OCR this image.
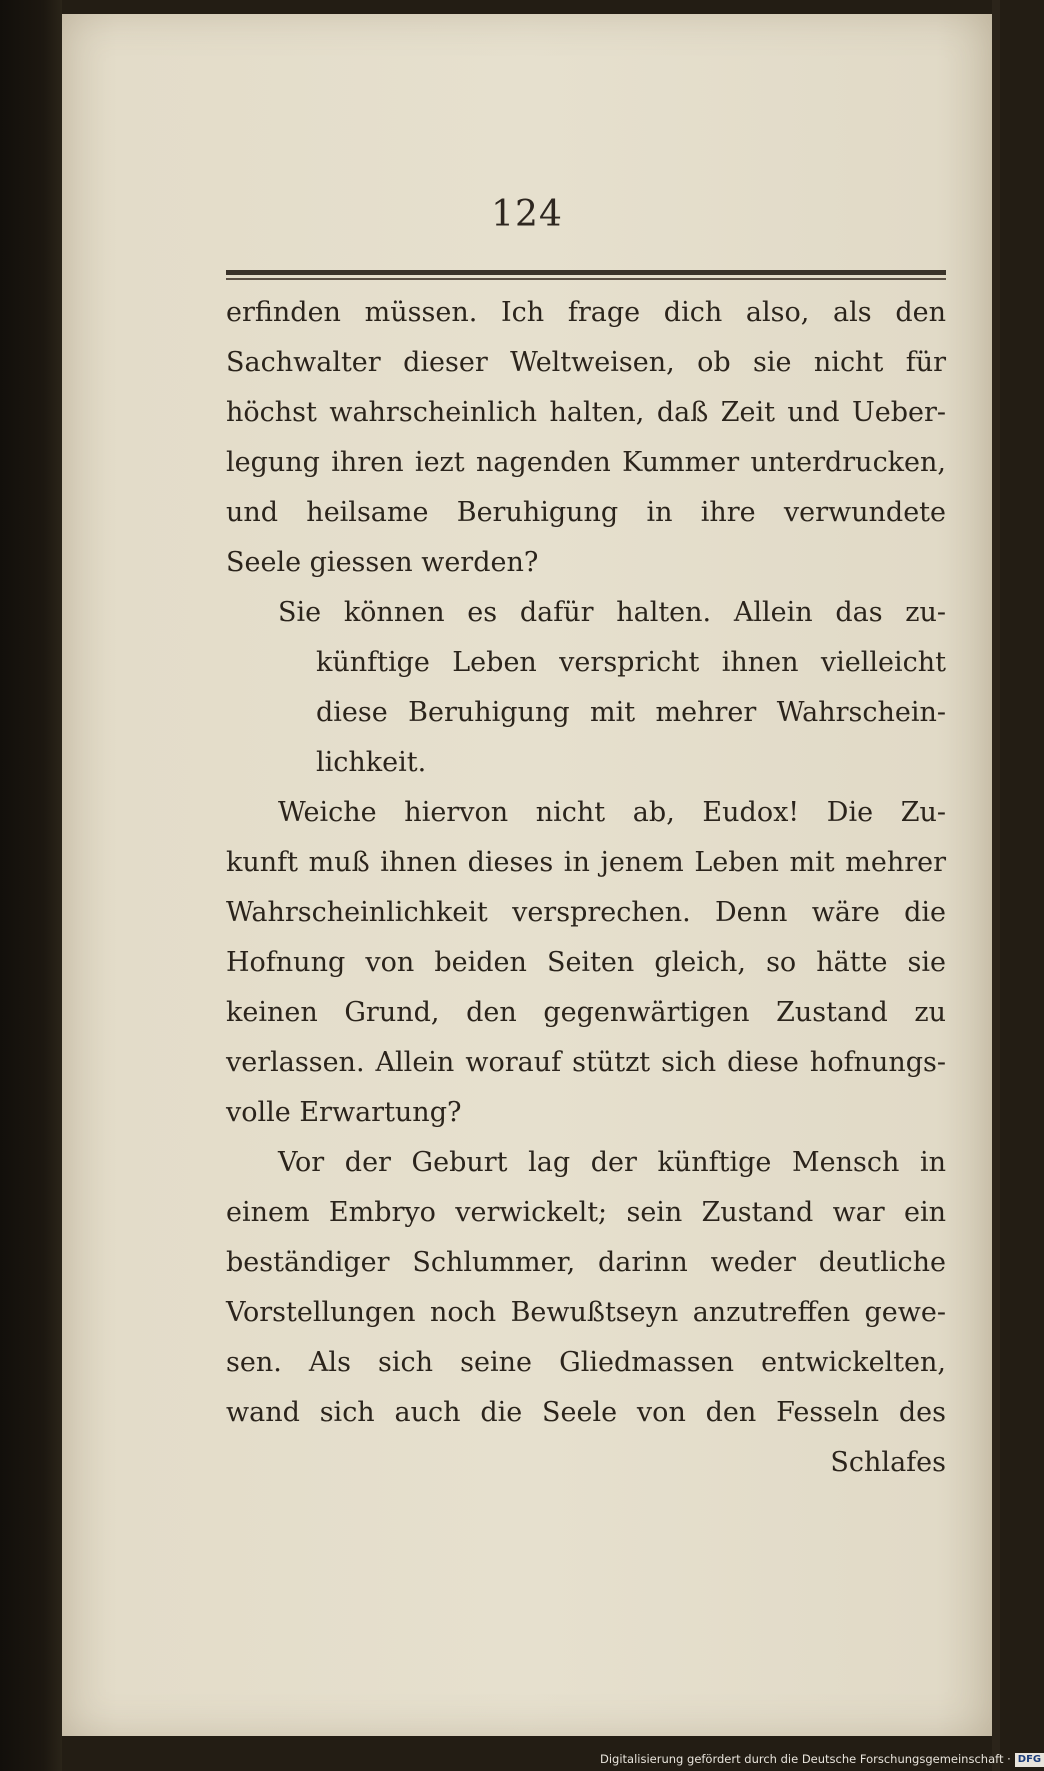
124
erfinden müssen. Ich frage dich also, als den
Sachwalter dieser Weltweisen, ob sie nicht für
höchst wahrscheinlich halten, daß Zeit und Ueber-
legung ihren iezt nagenden Kummer unterdrucken,
und heilsame Beruhigung in ihre verwundete
Seele giessen werden?
Sie können es dafür halten. Allein das zu-
künftige Leben verspricht ihnen vielleicht
diese Beruhigung mit mehrer Wahrschein-
lichkeit.
Weiche hiervon nicht ab, Eudox! Die Zu-
kunft muß ihnen dieses in jenem Leben mit mehrer
Wahrscheinlichkeit versprechen. Denn wäre die
Hofnung von beiden Seiten gleich, so hätte sie
keinen Grund, den gegenwärtigen Zustand zu
verlassen. Allein worauf stützt sich diese hofnungs-
volle Erwartung?
Vor der Geburt lag der künftige Mensch in
einem Embryo verwickelt; sein Zustand war ein
beständiger Schlummer, darinn weder deutliche
Vorstellungen noch Bewußtseyn anzutreffen gewe-
sen. Als sich seine Gliedmassen entwickelten,
wand sich auch die Seele von den Fesseln des
Schlafes
Digitalisierung gefördert durch die Deutsche Forschungsgemeinschaft · DFG
